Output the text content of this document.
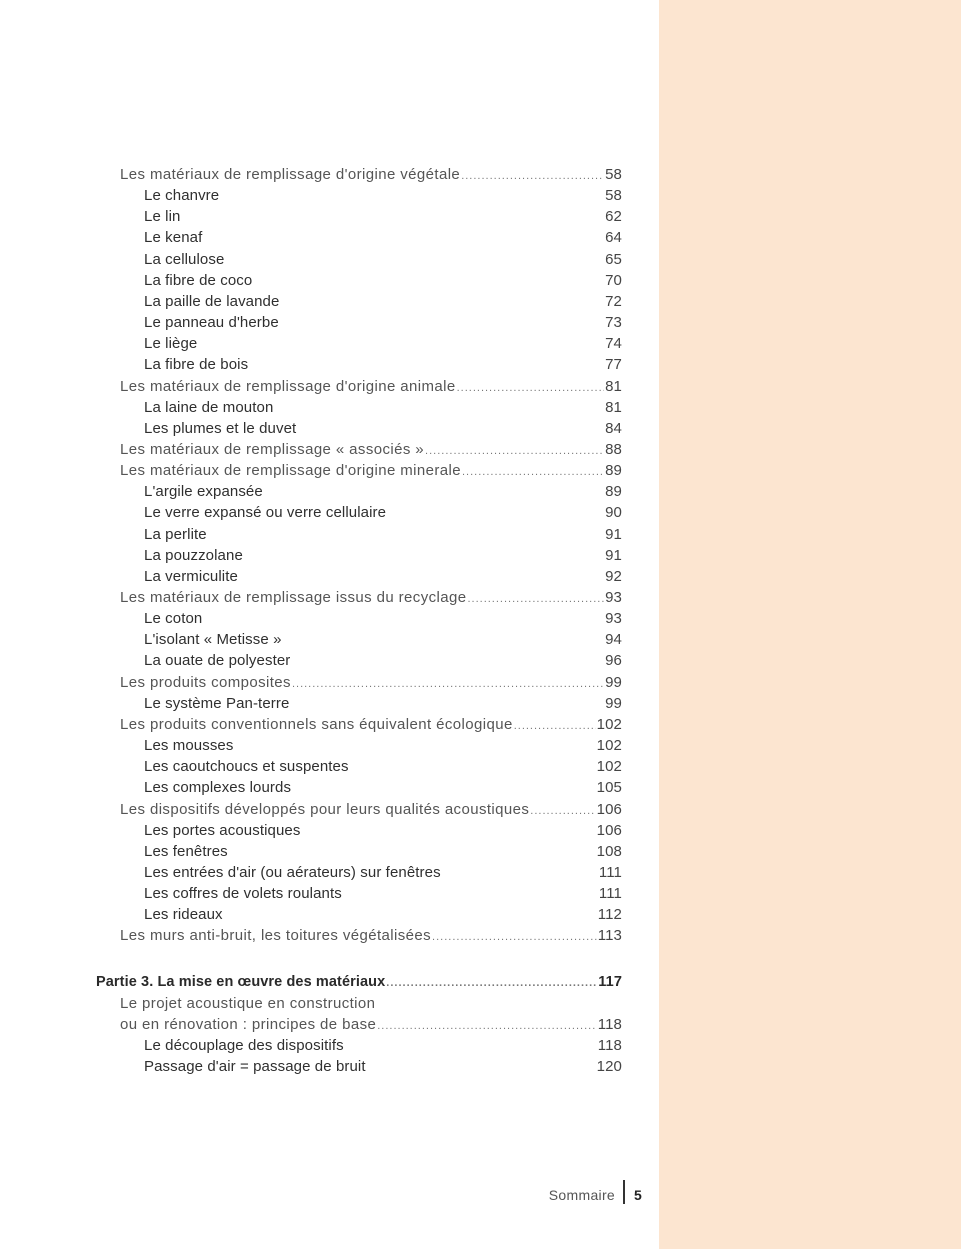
Les matériaux de remplissage d'origine végétale .....	58
Le chanvre	58
Le lin	62
Le kenaf	64
La cellulose	65
La fibre de coco	70
La paille de lavande	72
Le panneau d'herbe	73
Le liège	74
La fibre de bois	77
Les matériaux de remplissage d'origine animale .....	81
La laine de mouton	81
Les plumes et le duvet	84
Les matériaux de remplissage « associés » .....	88
Les matériaux de remplissage d'origine minerale .....	89
L'argile expansée	89
Le verre expansé ou verre cellulaire	90
La perlite	91
La pouzzolane	91
La vermiculite	92
Les matériaux de remplissage issus du recyclage .....	93
Le coton	93
L'isolant « Metisse »	94
La ouate de polyester	96
Les produits composites .....	99
Le système Pan-terre	99
Les produits conventionnels sans équivalent écologique .....	102
Les mousses	102
Les caoutchoucs et suspentes	102
Les complexes lourds	105
Les dispositifs développés pour leurs qualités acoustiques .....	106
Les portes acoustiques	106
Les fenêtres	108
Les entrées d'air (ou aérateurs) sur fenêtres	111
Les coffres de volets roulants	111
Les rideaux	112
Les murs anti-bruit, les toitures végétalisées .....	113
Partie 3. La mise en œuvre des matériaux .....	117
Le projet acoustique en construction
ou en rénovation : principes de base .....	118
Le découplage des dispositifs	118
Passage d'air = passage de bruit	120
Sommaire 5
